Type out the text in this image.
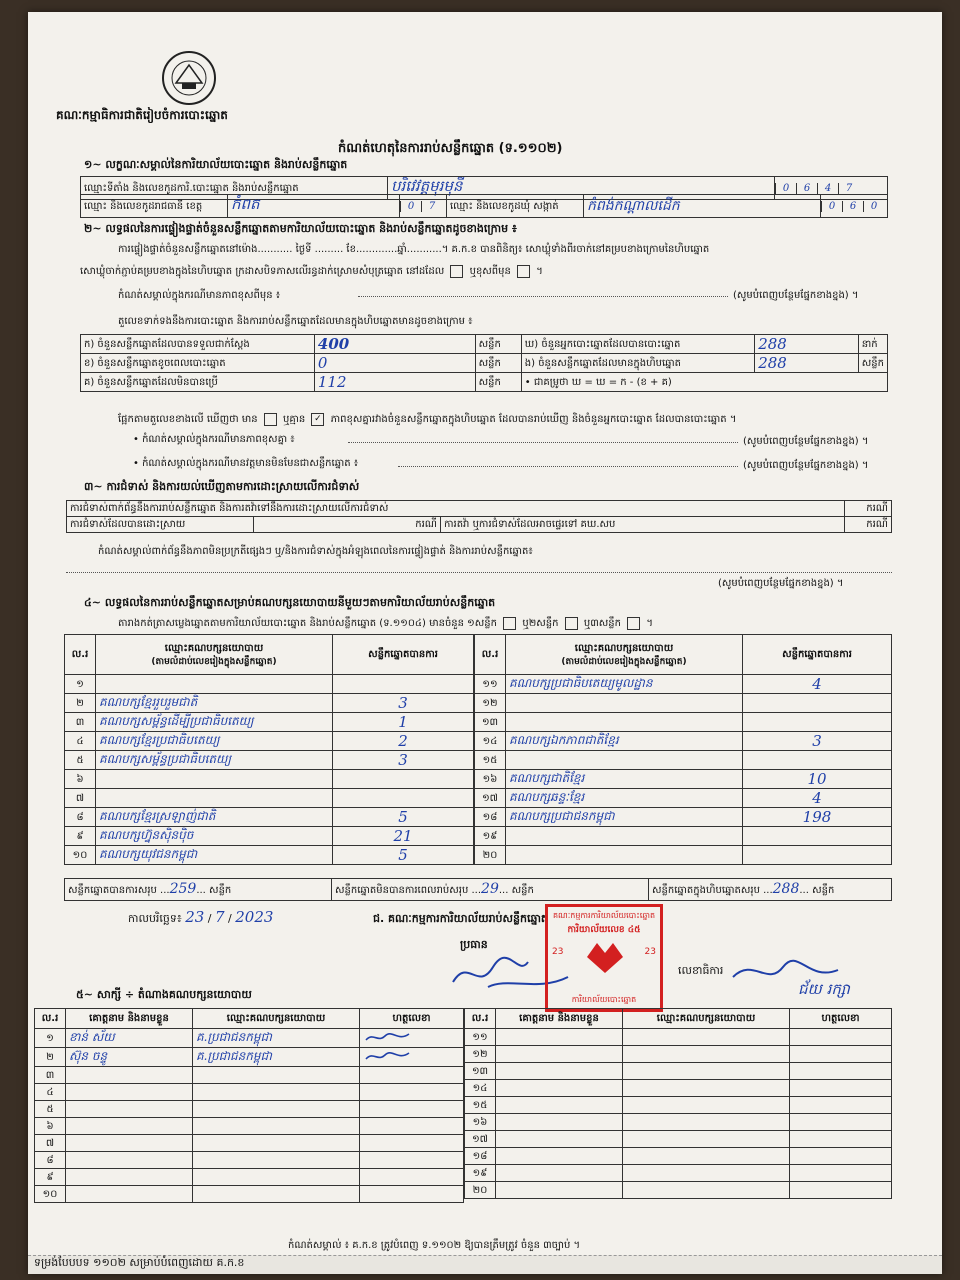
គណៈកម្មាធិការជាតិរៀបចំការបោះឆ្នោត
កំណត់ហេតុនៃការរាប់សន្លឹកឆ្នោត (ទ.១១០២)
១~ លក្ខណៈសម្គាល់នៃការិយាល័យបោះឆ្នោត និងរាប់សន្លឹកឆ្នោត
ឈ្មោះទីតាំង និងលេខកូដការិ.បោះឆ្នោត និងរាប់សន្លឹកឆ្នោត	បរិវេវត្តមុរមុនី	0 6 4 7
ឈ្មោះ និងលេខកូដរាជធានី ខេត្ត	កំពត	0 7	ឈ្មោះ និងលេខកូដឃុំ សង្កាត់	កំពង់កណ្តាលដើក	0 6 0
២~ លទ្ធផលនៃការផ្ទៀងផ្ទាត់ចំនួនសន្លឹកឆ្នោតតាមការិយាល័យបោះឆ្នោត និងរាប់សន្លឹកឆ្នោតដូចខាងក្រោម ៖
ការផ្ទៀងផ្ទាត់ចំនួនសន្លឹកឆ្នោតនៅម៉ោង........... ថ្ងៃទី ......... ខែ.............ឆ្នាំ...........។ គ.ក.ខ បានពិនិត្យ៖ សោឃ្លុំទាំងពីរចាក់នៅគម្របខាងក្រោមនៃហិបឆ្នោត
សោឃ្លុំចាក់ភ្ជាប់គម្របខាងក្នុងនៃហិបឆ្នោត ក្រដាសបិទភាសលើរន្ធដាក់ស្រោមសំបុត្រឆ្នោត នៅដដែល	ឬខុសពីមុន  ។
កំណត់សម្គាល់ក្នុងករណីមានភាពខុសពីមុន ៖	(សូមបំពេញបន្ថែមផ្នែកខាងខ្នង) ។
តួលេខទាក់ទងនឹងការបោះឆ្នោត និងការរាប់សន្លឹកឆ្នោតដែលមានក្នុងហិបឆ្នោតមានដូចខាងក្រោម ៖
ក) ចំនួនសន្លឹកឆ្នោតដែលបានទទួលជាក់ស្តែង	400	សន្លឹក	ឃ) ចំនួនអ្នកបោះឆ្នោតដែលបានបោះឆ្នោត	288	នាក់
ខ) ចំនួនសន្លឹកឆ្នោតខូចពេលបោះឆ្នោត	0	សន្លឹក	ង) ចំនួនសន្លឹកឆ្នោតដែលមានក្នុងហិបឆ្នោត	288	សន្លឹក
គ) ចំនួនសន្លឹកឆ្នោតដែលមិនបានប្រើ	112	សន្លឹក	• ជាគម្រូថា ឃ = ឃ = ក - (ខ + គ)		
ផ្អែកតាមតួលេខខាងលើ ឃើញថា មាន	ឬគ្មាន ✓ ភាពខុសគ្នារវាងចំនួនសន្លឹកឆ្នោតក្នុងហិបឆ្នោត ដែលបានរាប់ឃើញ និងចំនួនអ្នកបោះឆ្នោត ដែលបានបោះឆ្នោត ។
• កំណត់សម្គាល់ក្នុងករណីមានភាពខុសគ្នា ៖	(សូមបំពេញបន្ថែមផ្នែកខាងខ្នង) ។
• កំណត់សម្គាល់ក្នុងករណីមានវត្តមានមិនមែនជាសន្លឹកឆ្នោត ៖	(សូមបំពេញបន្ថែមផ្នែកខាងខ្នង) ។
៣~ ការជំទាស់ និងការយល់ឃើញតាមការដោះស្រាយលើការជំទាស់
ការជំទាស់ពាក់ព័ន្ធនឹងការរាប់សន្លឹកឆ្នោត និងការតវ៉ាទៅនឹងការដោះស្រាយលើការជំទាស់			ករណី
ការជំទាស់ដែលបានដោះស្រាយ	ករណី	ការតវ៉ា ឬការជំទាស់ដែលអាចផ្ទេរទៅ គឃ.សប	ករណី
កំណត់សម្គាល់ពាក់ព័ន្ធនឹងភាពមិនប្រក្រតីផ្សេងៗ ឬ/និងការជំទាស់ក្នុងអំឡុងពេលនៃការផ្ទៀងផ្ទាត់ និងការរាប់សន្លឹកឆ្នោត៖
(សូមបំពេញបន្ថែមផ្នែកខាងខ្នង) ។
៤~ លទ្ធផលនៃការរាប់សន្លឹកឆ្នោតសម្រាប់គណបក្សនយោបាយនីមួយៗតាមការិយាល័យរាប់សន្លឹកឆ្នោត
តារាងកត់ត្រាសម្លេងឆ្នោតតាមការិយាល័យបោះឆ្នោត និងរាប់សន្លឹកឆ្នោត (ទ.១១០៤) មានចំនួន ១សន្លឹក	ឬ២សន្លឹក	ឬ៣សន្លឹក  ។
ល.រ	ឈ្មោះគណបក្សនយោបាយ
(តាមលំដាប់លេខរៀងក្នុងសន្លឹកឆ្នោត)	សន្លឹកឆ្នោតបានការ
១		
២	គណបក្សខ្មែររួបរួមជាតិ	3
៣	គណបក្សសម្ព័ន្ធដើម្បីប្រជាធិបតេយ្យ	1
៤	គណបក្សខ្មែរប្រជាធិបតេយ្យ	2
៥	គណបក្សសម្ព័ន្ធប្រជាធិបតេយ្យ	3
៦		
៧		
៨	គណបក្សខ្មែរស្រឡាញ់ជាតិ	5
៩	គណបក្សហ្វ៊ុនស៊ិនប៉ិច	21
១០	គណបក្សយុវជនកម្ពុជា	5
ល.រ	ឈ្មោះគណបក្សនយោបាយ
(តាមលំដាប់លេខរៀងក្នុងសន្លឹកឆ្នោត)	សន្លឹកឆ្នោតបានការ
១១	គណបក្សប្រជាធិបតេយ្យមូលដ្ឋាន	4
១២		
១៣		
១៤	គណបក្សឯកភាពជាតិខ្មែរ	3
១៥		
១៦	គណបក្សជាតិខ្មែរ	10
១៧	គណបក្សឆន្ទៈខ្មែរ	4
១៨	គណបក្សប្រជាជនកម្ពុជា	198
១៩		
២០		
សន្លឹកឆ្នោតបានការសរុប ...259... សន្លឹក	សន្លឹកឆ្នោតមិនបានការពេលរាប់សរុប ...29... សន្លឹក	សន្លឹកឆ្នោតក្នុងហិបឆ្នោតសរុប ...288... សន្លឹក
កាលបរិច្ឆេទ៖ 23 / 7 / 2023	ជ. គណៈកម្មការការិយាល័យរាប់សន្លឹកឆ្នោត
ប្រធាន
លេខាធិការ
ជ័យ រក្សា
គណៈកម្មការការិយាល័យបោះឆ្នោត
ការិយាល័យលេខ ៤៥
23	23
ការិយាល័យបោះឆ្នោត
៥~ សាក្សី ÷ តំណាងគណបក្សនយោបាយ
ល.រ	គោត្តនាម និងនាមខ្លួន	ឈ្មោះគណបក្សនយោបាយ	ហត្ថលេខា
១	ខាន់ ស័យ	គ.ប្រជាជនកម្ពុជា	
២	ស៊ុន ចន្ទូ	គ.ប្រជាជនកម្ពុជា	
៣			
៤			
៥			
៦			
៧			
៨			
៩			
១០			
ល.រ	គោត្តនាម និងនាមខ្លួន	ឈ្មោះគណបក្សនយោបាយ	ហត្ថលេខា
១១			
១២			
១៣			
១៤			
១៥			
១៦			
១៧			
១៨			
១៩			
២០			
កំណត់សម្គាល់ ៖ គ.ក.ខ ត្រូវបំពេញ ទ.១១០២ ឱ្យបានត្រឹមត្រូវ ចំនួន ៣ច្បាប់ ។
ទម្រង់បែបបទ ១១០២ សម្រាប់បំពេញដោយ គ.ក.ខ
